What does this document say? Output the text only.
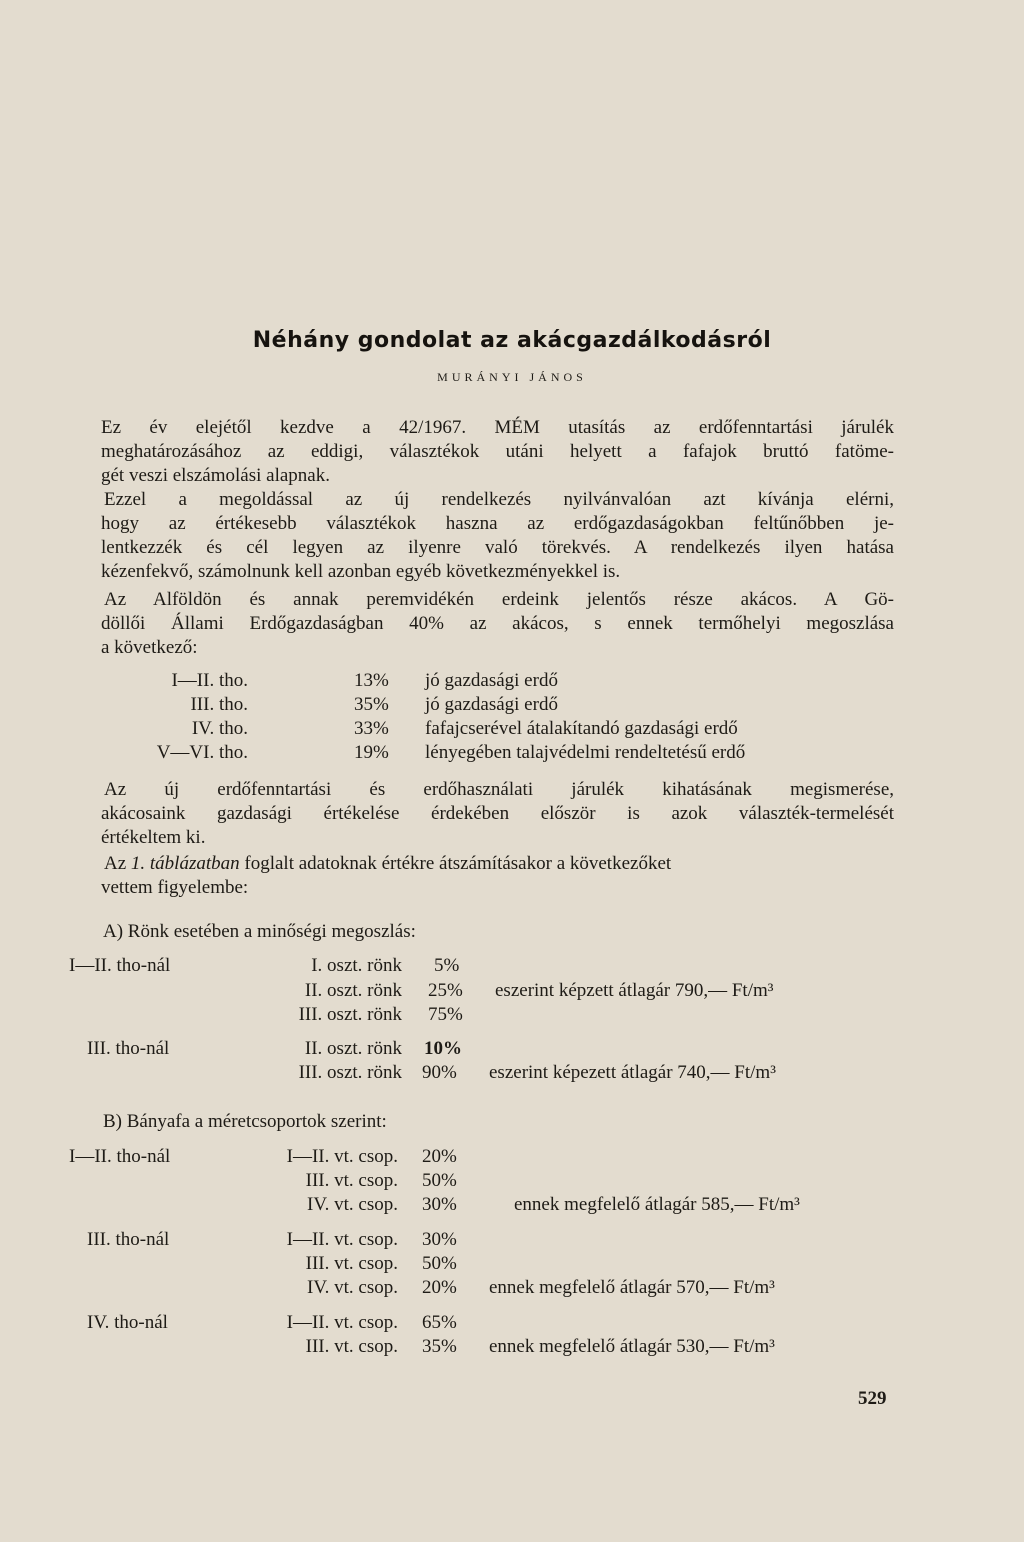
Néhány gondolat az akácgazdálkodásról
MURÁNYI JÁNOS
Ez év elejétől kezdve a 42/1967. MÉM utasítás az erdőfenntartási járulék
meghatározásához az eddigi, választékok utáni helyett a fafajok bruttó fatöme-
gét veszi elszámolási alapnak.
Ezzel a megoldással az új rendelkezés nyilvánvalóan azt kívánja elérni,
hogy az értékesebb választékok haszna az erdőgazdaságokban feltűnőbben je-
lentkezzék és cél legyen az ilyenre való törekvés. A rendelkezés ilyen hatása
kézenfekvő, számolnunk kell azonban egyéb következményekkel is.
Az Alföldön és annak peremvidékén erdeink jelentős része akácos. A Gö-
döllői Állami Erdőgazdaságban 40% az akácos, s ennek termőhelyi megoszlása
a következő:
I—II. tho.	13% jó gazdasági erdő
III. tho.	35% jó gazdasági erdő
IV. tho.	33% fafajcserével átalakítandó gazdasági erdő
V—VI. tho.	19% lényegében talajvédelmi rendeltetésű erdő
Az új erdőfenntartási és erdőhasználati járulék kihatásának megismerése,
akácosaink gazdasági értékelése érdekében először is azok választék-termelését
értékeltem ki.
Az 1. táblázatban foglalt adatoknak értékre átszámításakor a következőket
vettem figyelembe:
A) Rönk esetében a minőségi megoszlás:
I—II. tho-nál	I. oszt. rönk 5%
II. oszt. rönk 25% eszerint képzett átlagár 790,— Ft/m³
III. oszt. rönk 75%
III. tho-nál	II. oszt. rönk 10%
III. oszt. rönk 90% eszerint képezett átlagár 740,— Ft/m³
B) Bányafa a méretcsoportok szerint:
I—II. tho-nál	I—II. vt. csop. 20%
III. vt. csop. 50%
IV. vt. csop. 30%	ennek megfelelő átlagár 585,— Ft/m³
III. tho-nál	I—II. vt. csop. 30%
III. vt. csop. 50%
IV. vt. csop. 20% ennek megfelelő átlagár 570,— Ft/m³
IV. tho-nál	I—II. vt. csop. 65%
III. vt. csop. 35% ennek megfelelő átlagár 530,— Ft/m³
529
